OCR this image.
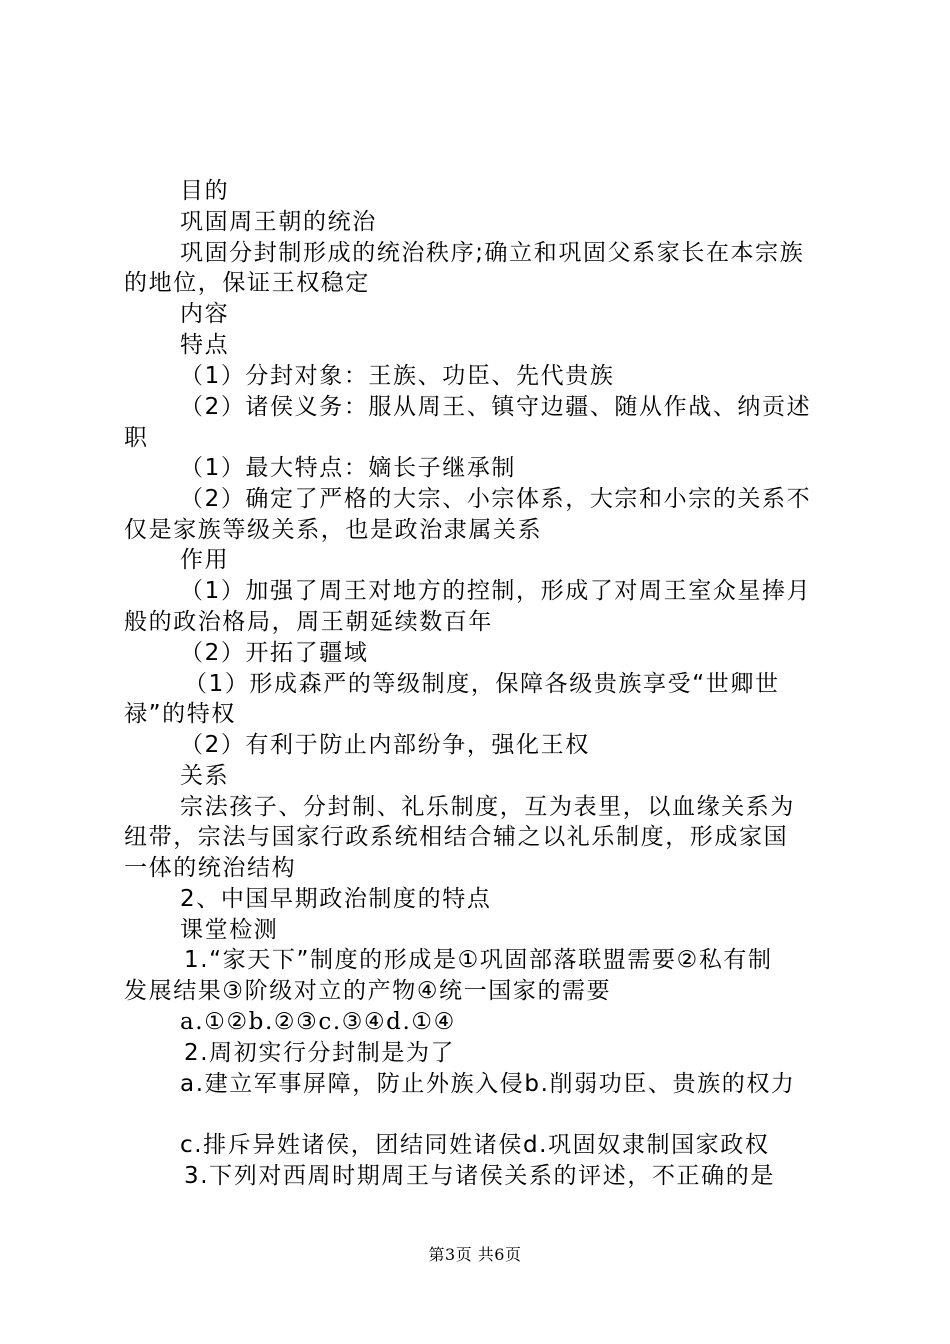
目的
巩固周王朝的统治
巩固分封制形成的统治秩序;确立和巩固父系家长在本宗族
的地位，保证王权稳定
内容
特点
（1）分封对象：王族、功臣、先代贵族
（2）诸侯义务：服从周王、镇守边疆、随从作战、纳贡述
职
（1）最大特点：嫡长子继承制
（2）确定了严格的大宗、小宗体系，大宗和小宗的关系不
仅是家族等级关系，也是政治隶属关系
作用
（1）加强了周王对地方的控制，形成了对周王室众星捧月
般的政治格局，周王朝延续数百年
（2）开拓了疆域
（1）形成森严的等级制度，保障各级贵族享受“世卿世
禄”的特权
（2）有利于防止内部纷争，强化王权
关系
宗法孩子、分封制、礼乐制度，互为表里，以血缘关系为
纽带，宗法与国家行政系统相结合辅之以礼乐制度，形成家国
一体的统治结构
2、中国早期政治制度的特点
课堂检测
1.“家天下”制度的形成是①巩固部落联盟需要②私有制
发展结果③阶级对立的产物④统一国家的需要
a.①②b.②③c.③④d.①④
2.周初实行分封制是为了
a.建立军事屏障，防止外族入侵b.削弱功臣、贵族的权力
c.排斥异姓诸侯，团结同姓诸侯d.巩固奴隶制国家政权
3.下列对西周时期周王与诸侯关系的评述，不正确的是
第3页 共6页
